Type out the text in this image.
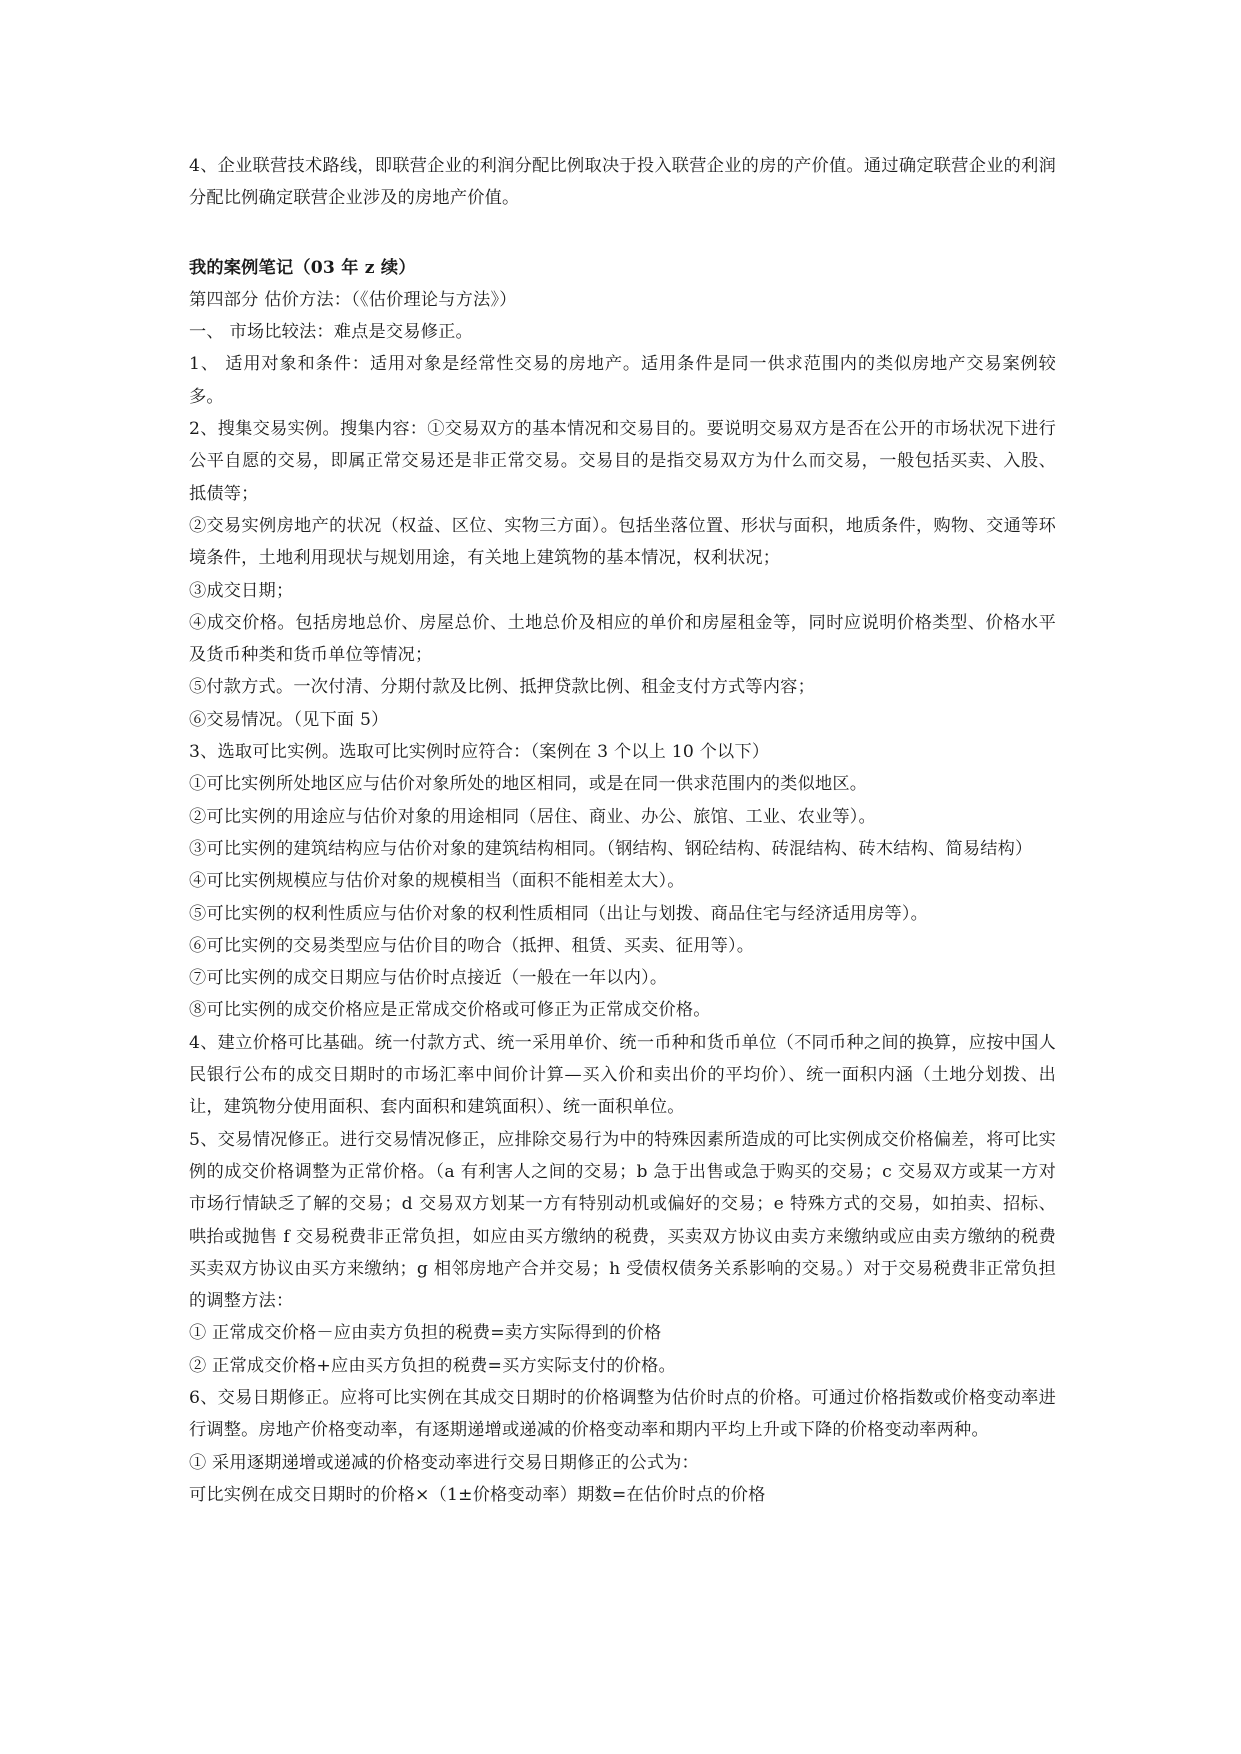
4、企业联营技术路线，即联营企业的利润分配比例取决于投入联营企业的房的产价值。通过确定联营企业的利润分配比例确定联营企业涉及的房地产价值。

我的案例笔记（03 年 z 续）

第四部分 估价方法：（《估价理论与方法》）

一、 市场比较法：难点是交易修正。

1、 适用对象和条件：适用对象是经常性交易的房地产。适用条件是同一供求范围内的类似房地产交易案例较多。

2、搜集交易实例。搜集内容：①交易双方的基本情况和交易目的。要说明交易双方是否在公开的市场状况下进行公平自愿的交易，即属正常交易还是非正常交易。交易目的是指交易双方为什么而交易，一般包括买卖、入股、抵债等；

②交易实例房地产的状况（权益、区位、实物三方面）。包括坐落位置、形状与面积，地质条件，购物、交通等环境条件，土地利用现状与规划用途，有关地上建筑物的基本情况，权利状况；

③成交日期；

④成交价格。包括房地总价、房屋总价、土地总价及相应的单价和房屋租金等，同时应说明价格类型、价格水平及货币种类和货币单位等情况；

⑤付款方式。一次付清、分期付款及比例、抵押贷款比例、租金支付方式等内容；

⑥交易情况。（见下面 5）

3、选取可比实例。选取可比实例时应符合：（案例在 3 个以上 10 个以下）

①可比实例所处地区应与估价对象所处的地区相同，或是在同一供求范围内的类似地区。

②可比实例的用途应与估价对象的用途相同（居住、商业、办公、旅馆、工业、农业等）。

③可比实例的建筑结构应与估价对象的建筑结构相同。（钢结构、钢砼结构、砖混结构、砖木结构、简易结构）

④可比实例规模应与估价对象的规模相当（面积不能相差太大）。

⑤可比实例的权利性质应与估价对象的权利性质相同（出让与划拨、商品住宅与经济适用房等）。

⑥可比实例的交易类型应与估价目的吻合（抵押、租赁、买卖、征用等）。

⑦可比实例的成交日期应与估价时点接近（一般在一年以内）。

⑧可比实例的成交价格应是正常成交价格或可修正为正常成交价格。

4、建立价格可比基础。统一付款方式、统一采用单价、统一币种和货币单位（不同币种之间的换算，应按中国人民银行公布的成交日期时的市场汇率中间价计算—买入价和卖出价的平均价）、统一面积内涵（土地分划拨、出让，建筑物分使用面积、套内面积和建筑面积）、统一面积单位。

5、交易情况修正。进行交易情况修正，应排除交易行为中的特殊因素所造成的可比实例成交价格偏差，将可比实例的成交价格调整为正常价格。（a 有利害人之间的交易；b 急于出售或急于购买的交易；c 交易双方或某一方对市场行情缺乏了解的交易；d 交易双方划某一方有特别动机或偏好的交易；e 特殊方式的交易，如拍卖、招标、哄抬或抛售 f 交易税费非正常负担，如应由买方缴纳的税费，买卖双方协议由卖方来缴纳或应由卖方缴纳的税费买卖双方协议由买方来缴纳；g 相邻房地产合并交易；h 受债权债务关系影响的交易。）对于交易税费非正常负担的调整方法：

① 正常成交价格－应由卖方负担的税费=卖方实际得到的价格

② 正常成交价格+应由买方负担的税费=买方实际支付的价格。

6、交易日期修正。应将可比实例在其成交日期时的价格调整为估价时点的价格。可通过价格指数或价格变动率进行调整。房地产价格变动率，有逐期递增或递减的价格变动率和期内平均上升或下降的价格变动率两种。

① 采用逐期递增或递减的价格变动率进行交易日期修正的公式为：

可比实例在成交日期时的价格×（1±价格变动率）期数=在估价时点的价格
